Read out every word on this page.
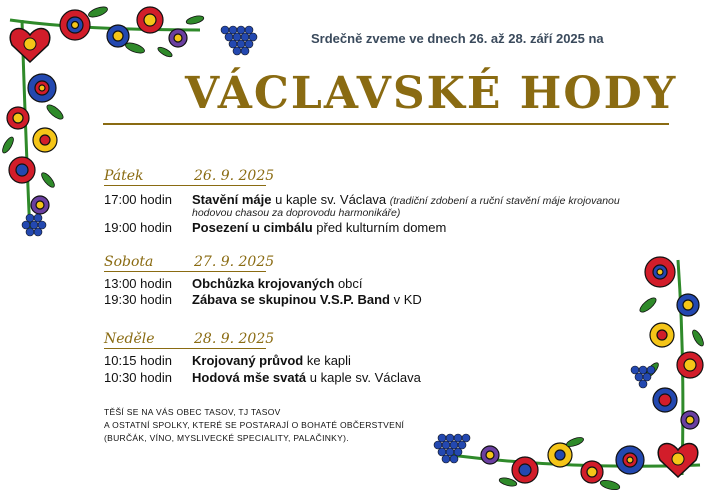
Srdečně zveme ve dnech 26. až 28. září 2025 na
VÁCLAVSKÉ HODY
Pátek	26. 9. 2025
17:00 hodin Stavění máje u kaple sv. Václava (tradiční zdobení a ruční stavění máje krojovanou
hodovou chasou za doprovodu harmonikáře)
19:00 hodin Posezení u cimbálu před kulturním domem
Sobota	27. 9. 2025
13:00 hodin Obchůzka krojovaných obcí
19:30 hodin Zábava se skupinou V.S.P. Band v KD
Neděle	28. 9. 2025
10:15 hodin Krojovaný průvod ke kapli
10:30 hodin Hodová mše svatá u kaple sv. Václava
TĚŠÍ SE NA VÁS OBEC TASOV, TJ TASOV
A OSTATNÍ SPOLKY, KTERÉ SE POSTARAJÍ O BOHATÉ OBČERSTVENÍ
(BURČÁK, VÍNO, MYSLIVECKÉ SPECIALITY, PALAČINKY).
